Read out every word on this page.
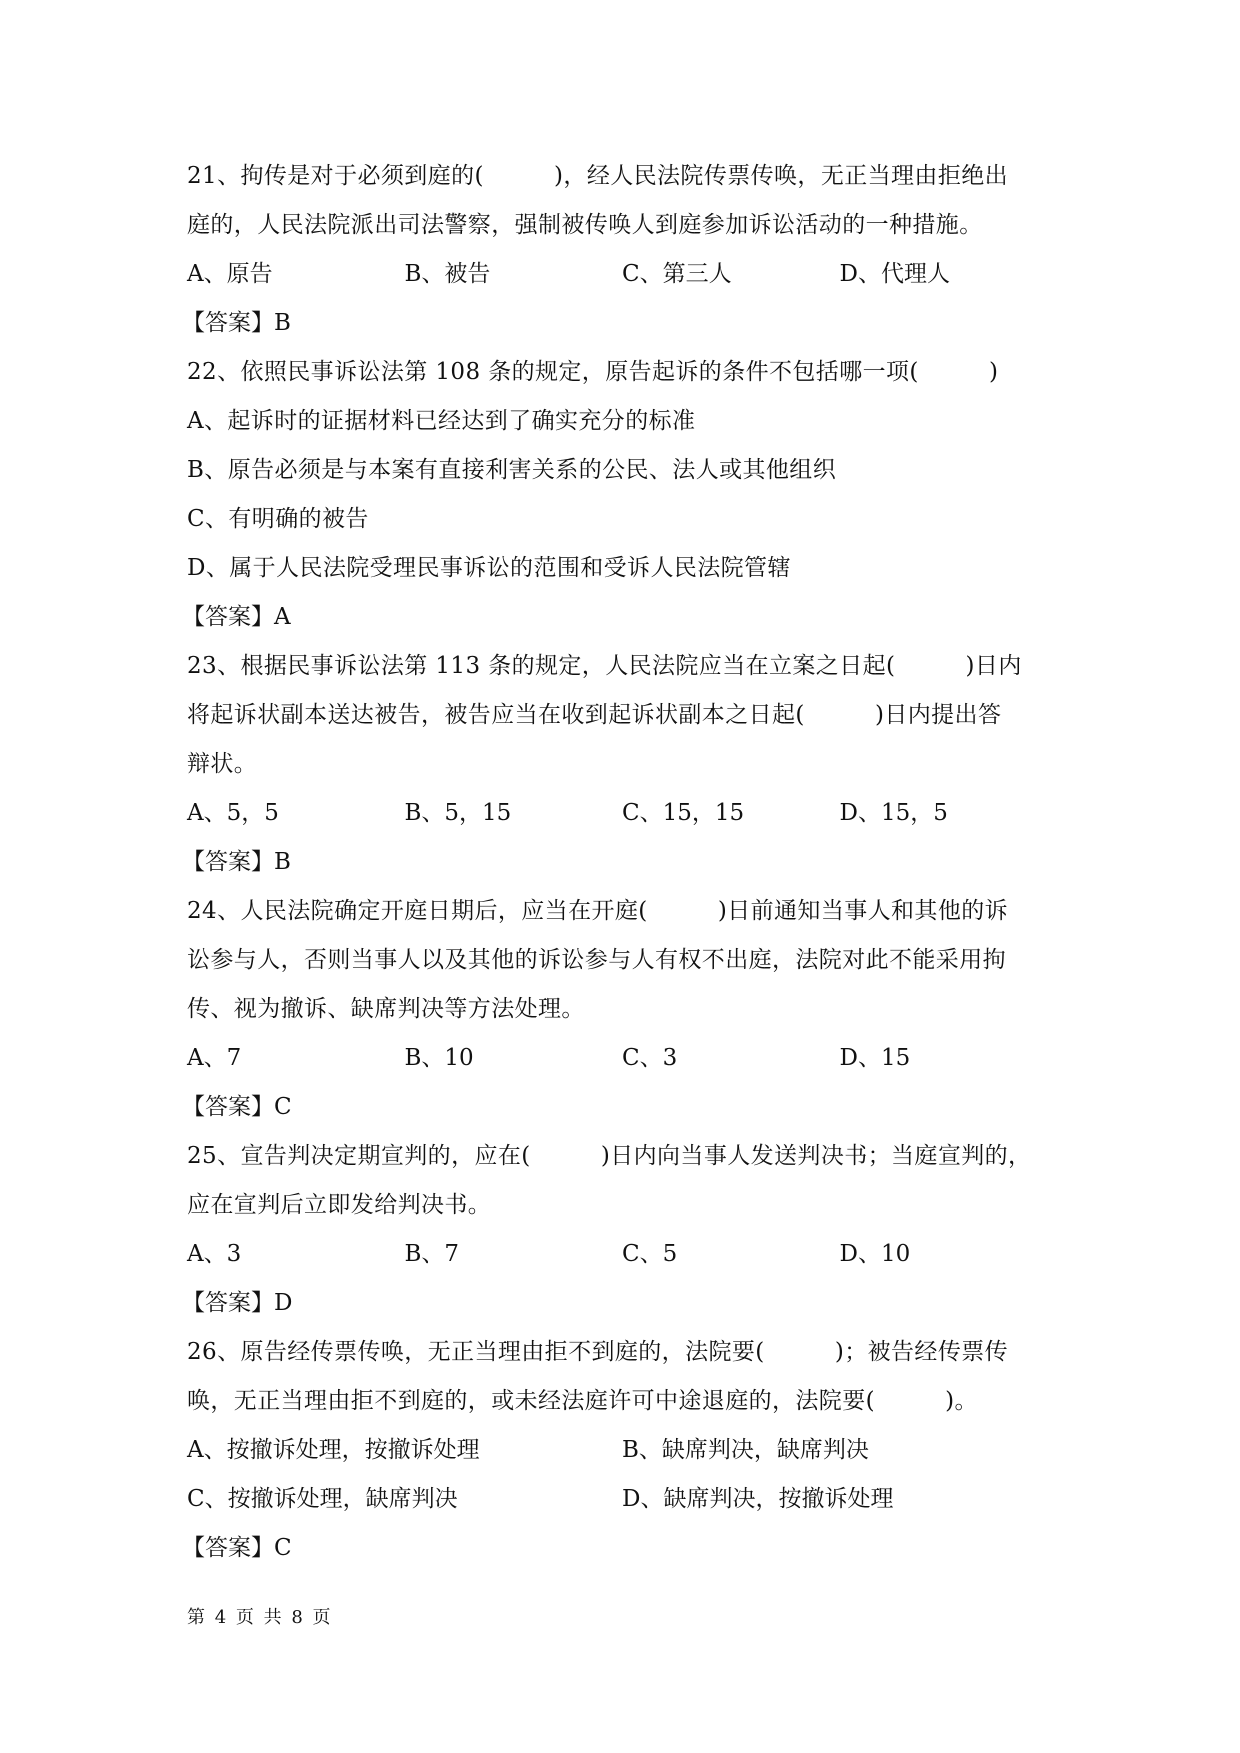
21、拘传是对于必须到庭的(　　　)，经人民法院传票传唤，无正当理由拒绝出
庭的，人民法院派出司法警察，强制被传唤人到庭参加诉讼活动的一种措施。
A、原告	B、被告	C、第三人	D、代理人
【答案】B
22、依照民事诉讼法第 108 条的规定，原告起诉的条件不包括哪一项(　　　)
A、起诉时的证据材料已经达到了确实充分的标准
B、原告必须是与本案有直接利害关系的公民、法人或其他组织
C、有明确的被告
D、属于人民法院受理民事诉讼的范围和受诉人民法院管辖
【答案】A
23、根据民事诉讼法第 113 条的规定，人民法院应当在立案之日起(　　　)日内
将起诉状副本送达被告，被告应当在收到起诉状副本之日起(　　　)日内提出答
辩状。
A、5，5	B、5，15	C、15，15	D、15，5
【答案】B
24、人民法院确定开庭日期后，应当在开庭(　　　)日前通知当事人和其他的诉
讼参与人，否则当事人以及其他的诉讼参与人有权不出庭，法院对此不能采用拘
传、视为撤诉、缺席判决等方法处理。
A、7	B、10	C、3	D、15
【答案】C
25、宣告判决定期宣判的，应在(　　　)日内向当事人发送判决书；当庭宣判的，
应在宣判后立即发给判决书。
A、3	B、7	C、5	D、10
【答案】D
26、原告经传票传唤，无正当理由拒不到庭的，法院要(　　　)；被告经传票传
唤，无正当理由拒不到庭的，或未经法庭许可中途退庭的，法院要(　　　)。
A、按撤诉处理，按撤诉处理	B、缺席判决，缺席判决
C、按撤诉处理，缺席判决	D、缺席判决，按撤诉处理
【答案】C
第 4 页 共 8 页
